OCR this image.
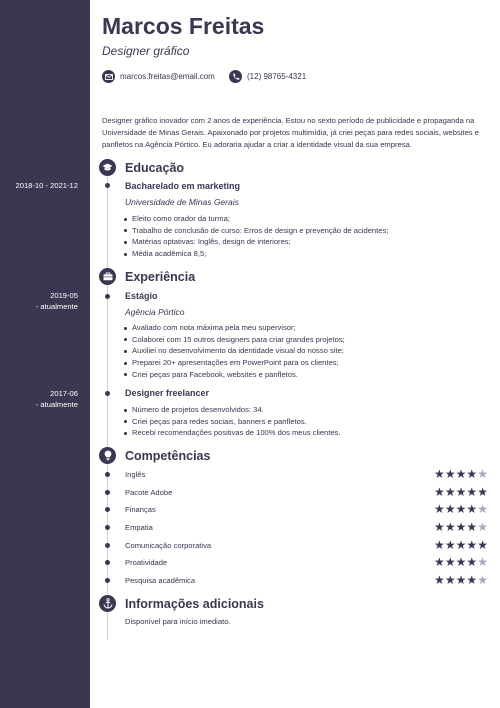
2018-10 - 2021-12
2019-05
- atualmente
2017-06
- atualmente
Marcos Freitas
Designer gráfico
marcos.freitas@email.com	(12) 98765-4321

Designer gráfico inovador com 2 anos de experiência. Estou no sexto período de publicidade e propaganda na Universidade de Minas Gerais. Apaixonado por projetos multimídia, já criei peças para redes sociais, websites e panfletos na Agência Pórtico. Eu adoraria ajudar a criar a identidade visual da sua empresa.

Educação
Bacharelado em marketing
Universidade de Minas Gerais
Eleito como orador da turma;
Trabalho de conclusão de curso: Erros de design e prevenção de acidentes;
Matérias optativas: Inglês, design de interiores;
Média acadêmica 8,5;
Experiência
Estágio
Agência Pórtico
Avaliado com nota máxima pela meu supervisor;
Colaborei com 15 outros designers para criar grandes projetos;
Auxiliei no desenvolvimento da identidade visual do nosso site;
Preparei 20+ apresentações em PowerPoint para os clientes;
Criei peças para Facebook, websites e panfletos.
Designer freelancer
Número de projetos desenvolvidos: 34.
Criei peças para redes sociais, banners e panfletos.
Recebi recomendações positivas de 100% dos meus clientes.
Competências
Inglês	★ ★ ★ ★ ★
Pacote Adobe	★ ★ ★ ★ ★
Finanças	★ ★ ★ ★ ★
Empatia	★ ★ ★ ★ ★
Comunicação corporativa	★ ★ ★ ★ ★
Proatividade	★ ★ ★ ★ ★
Pesquisa acadêmica	★ ★ ★ ★ ★
Informações adicionais
Disponível para início imediato.
